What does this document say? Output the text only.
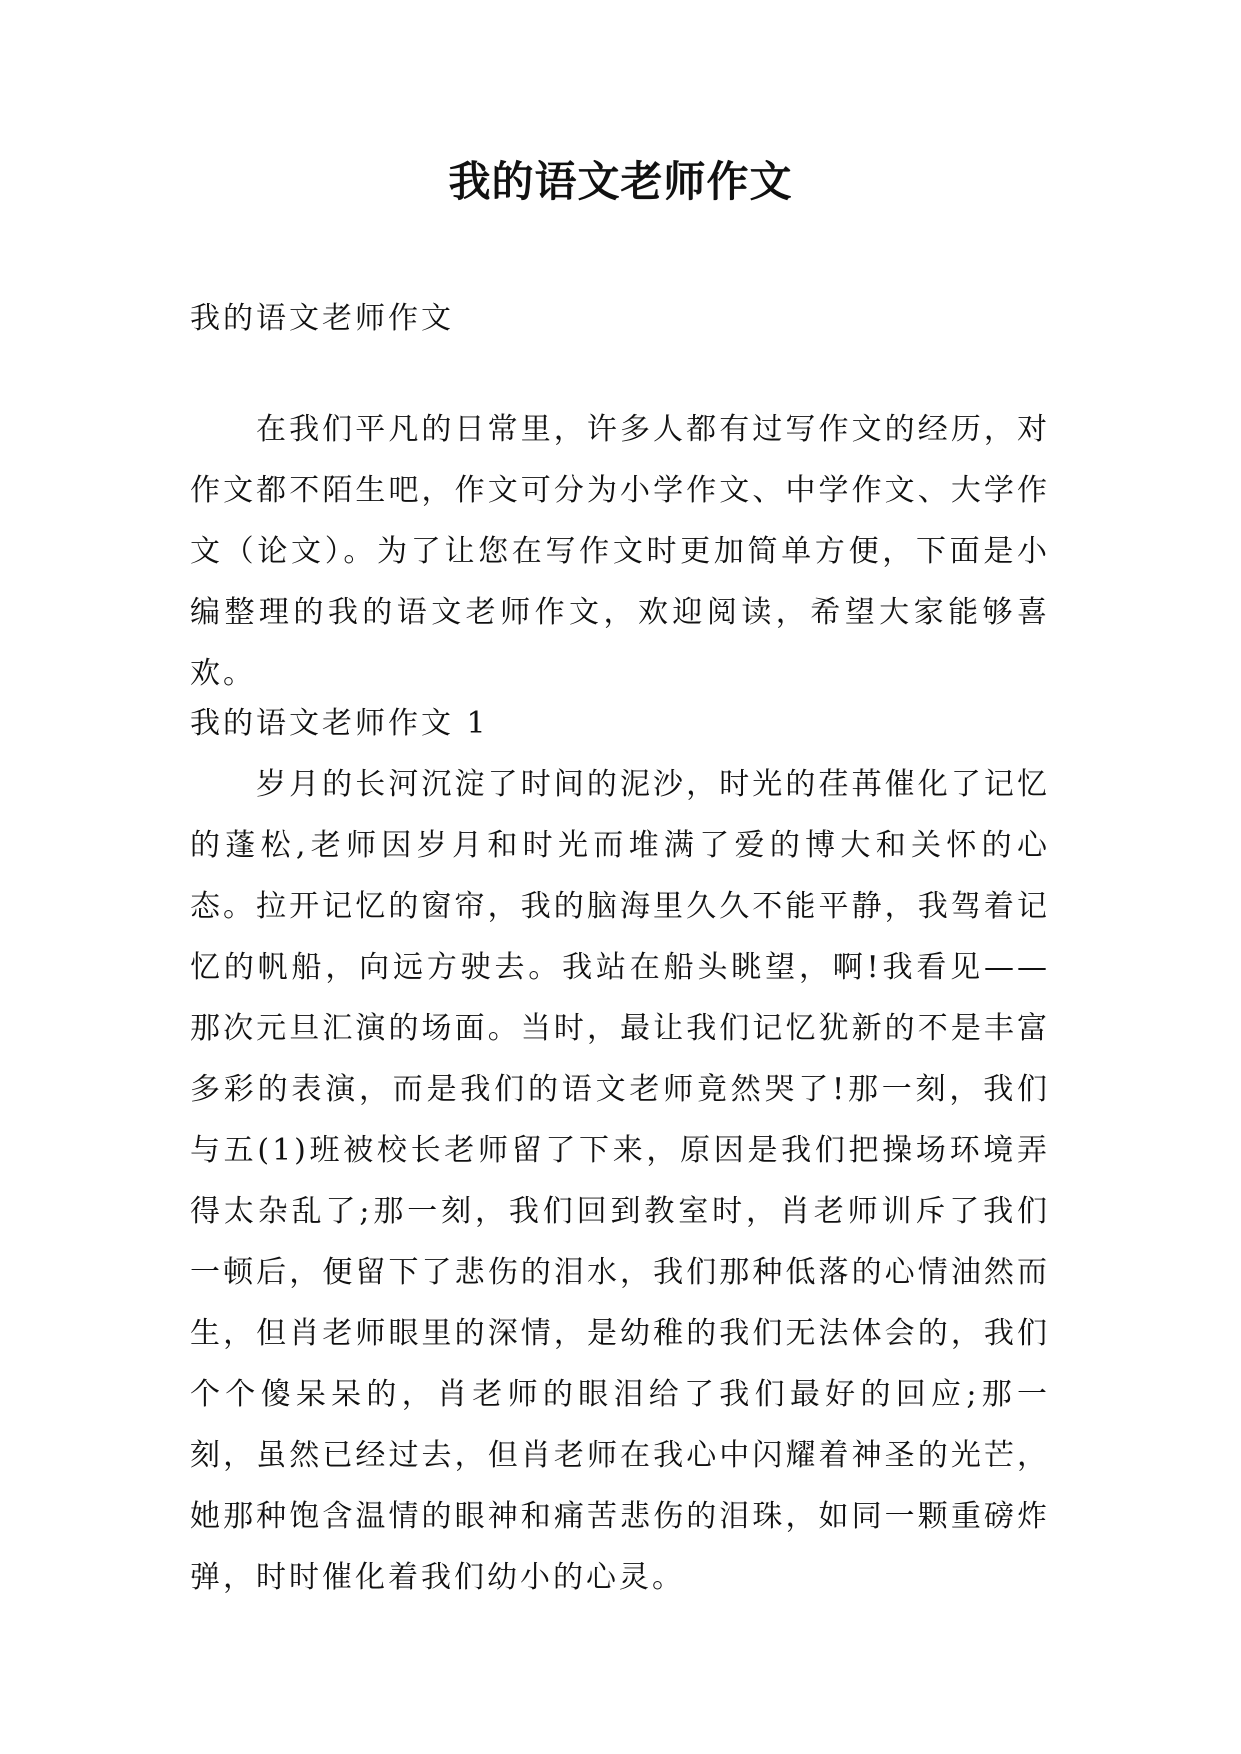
我的语文老师作文

我的语文老师作文

在我们平凡的日常里，许多人都有过写作文的经历，对作文都不陌生吧，作文可分为小学作文、中学作文、大学作文（论文）。为了让您在写作文时更加简单方便，下面是小编整理的我的语文老师作文，欢迎阅读，希望大家能够喜欢。

我的语文老师作文 1

岁月的长河沉淀了时间的泥沙，时光的荏苒催化了记忆的蓬松,老师因岁月和时光而堆满了爱的博大和关怀的心态。 拉开记忆的窗帘，我的脑海里久久不能平静，我驾着记忆的帆船，向远方驶去。我站在船头眺望，啊!我看见——那次元旦汇演的场面。当时，最让我们记忆犹新的不是丰富多彩的表演，而是我们的语文老师竟然哭了!那一刻，我们与五(1)班被校长老师留了下来，原因是我们把操场环境弄得太杂乱了;那一刻，我们回到教室时，肖老师训斥了我们一顿后，便留下了悲伤的泪水，我们那种低落的心情油然而生，但肖老师眼里的深情，是幼稚的我们无法体会的，我们个个傻呆呆的，肖老师的眼泪给了我们最好的回应;那一刻，虽然已经过去，但肖老师在我心中闪耀着神圣的光芒，她那种饱含温情的眼神和痛苦悲伤的泪珠，如同一颗重磅炸弹，时时催化着我们幼小的心灵。
